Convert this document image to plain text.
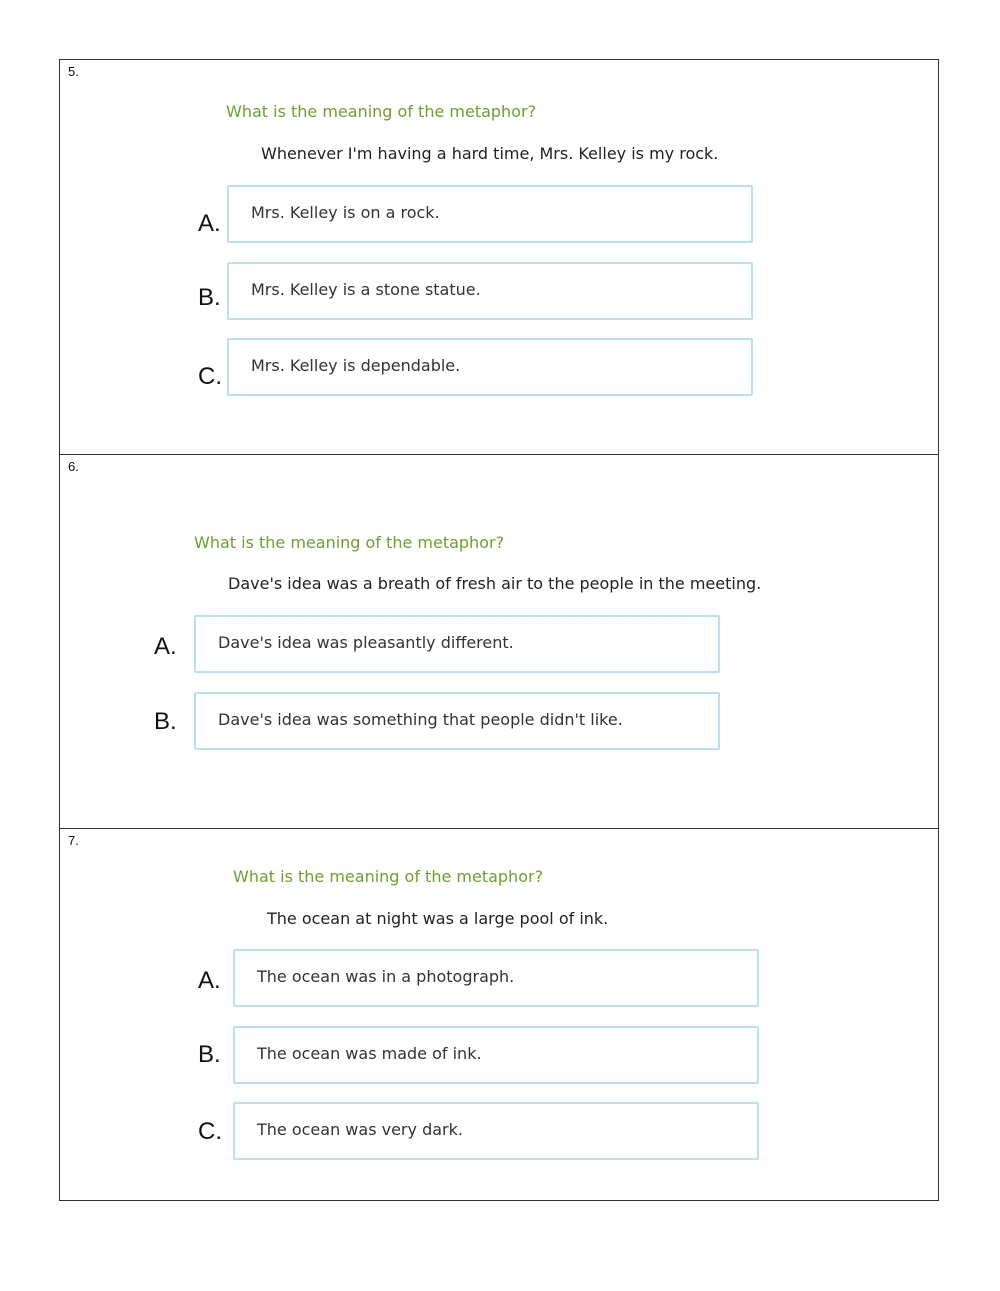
5.
What is the meaning of the metaphor?
Whenever I'm having a hard time, Mrs. Kelley is my rock.
A.	Mrs. Kelley is on a rock.
B.	Mrs. Kelley is a stone statue.
C.	Mrs. Kelley is dependable.
6.
What is the meaning of the metaphor?
Dave's idea was a breath of fresh air to the people in the meeting.
A.	Dave's idea was pleasantly different.
B.	Dave's idea was something that people didn't like.
7.
What is the meaning of the metaphor?
The ocean at night was a large pool of ink.
A.	The ocean was in a photograph.
B.	The ocean was made of ink.
C.	The ocean was very dark.
